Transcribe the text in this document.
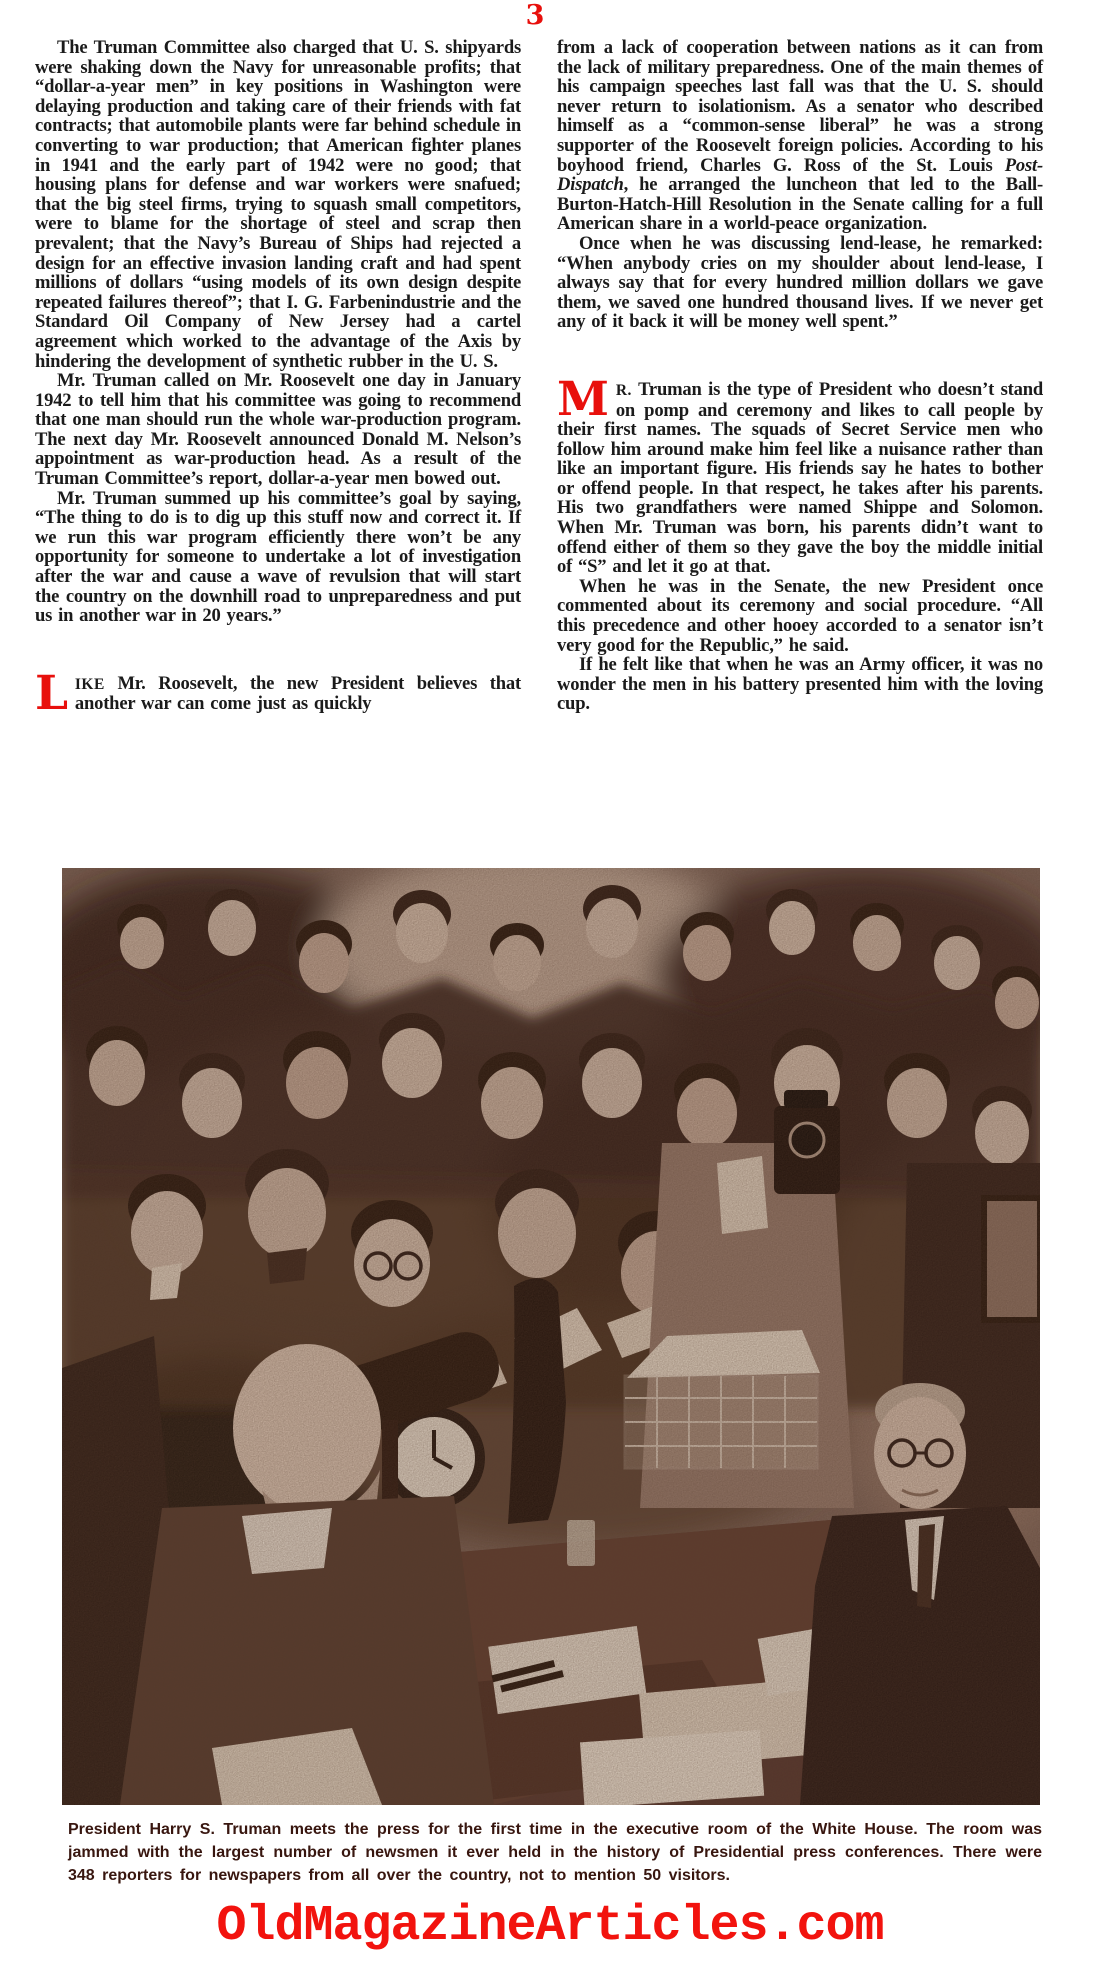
3

The Truman Committee also charged that U. S. shipyards were shaking down the Navy for unreasonable profits; that “dollar-a-year men” in key positions in Washington were delaying production and taking care of their friends with fat contracts; that automobile plants were far behind schedule in converting to war production; that American fighter planes in 1941 and the early part of 1942 were no good; that housing plans for defense and war workers were snafued; that the big steel firms, trying to squash small competitors, were to blame for the shortage of steel and scrap then prevalent; that the Navy’s Bureau of Ships had rejected a design for an effective invasion landing craft and had spent millions of dollars “using models of its own design despite repeated failures thereof”; that I. G. Farbenindustrie and the Standard Oil Company of New Jersey had a cartel agreement which worked to the advantage of the Axis by hindering the development of synthetic rubber in the U. S.

Mr. Truman called on Mr. Roosevelt one day in January 1942 to tell him that his committee was going to recommend that one man should run the whole war-production program. The next day Mr. Roosevelt announced Donald M. Nelson’s appointment as war-production head. As a result of the Truman Committee’s report, dollar-a-year men bowed out.

Mr. Truman summed up his committee’s goal by saying, “The thing to do is to dig up this stuff now and correct it. If we run this war program efficiently there won’t be any opportunity for someone to undertake a lot of investigation after the war and cause a wave of revulsion that will start the country on the downhill road to unpreparedness and put us in another war in 20 years.”

LIKE Mr. Roosevelt, the new President believes that another war can come just as quickly

from a lack of cooperation between nations as it can from the lack of military preparedness. One of the main themes of his campaign speeches last fall was that the U. S. should never return to isolationism. As a senator who described himself as a “common-sense liberal” he was a strong supporter of the Roosevelt foreign policies. According to his boyhood friend, Charles G. Ross of the St. Louis Post-Dispatch, he arranged the luncheon that led to the Ball-Burton-Hatch-Hill Resolution in the Senate calling for a full American share in a world-peace organization.

Once when he was discussing lend-lease, he remarked: “When anybody cries on my shoulder about lend-lease, I always say that for every hundred million dollars we gave them, we saved one hundred thousand lives. If we never get any of it back it will be money well spent.”

M R. Truman is the type of President who doesn’t stand on pomp and ceremony and likes to call people by their first names. The squads of Secret Service men who follow him around make him feel like a nuisance rather than like an important figure. His friends say he hates to bother or offend people. In that respect, he takes after his parents. His two grandfathers were named Shippe and Solomon. When Mr. Truman was born, his parents didn’t want to offend either of them so they gave the boy the middle initial of “S” and let it go at that.

When he was in the Senate, the new President once commented about its ceremony and social procedure. “All this precedence and other hooey accorded to a senator isn’t very good for the Republic,” he said.

If he felt like that when he was an Army officer, it was no wonder the men in his battery presented him with the loving cup.

President Harry S. Truman meets the press for the first time in the executive room of the White House. The room was jammed with the largest number of newsmen it ever held in the history of Presidential press conferences. There were 348 reporters for newspapers from all over the country, not to mention 50 visitors.
OldMagazineArticles.com
